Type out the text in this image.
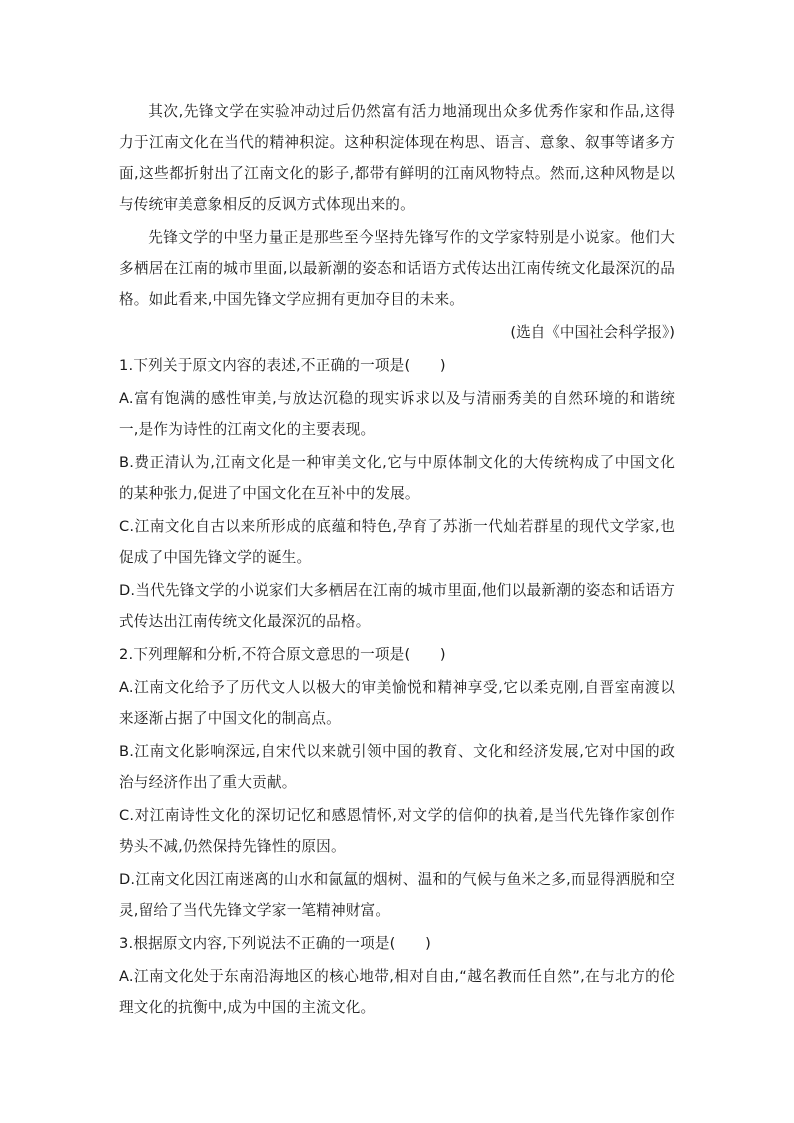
其次,先锋文学在实验冲动过后仍然富有活力地涌现出众多优秀作家和作品,这得力于江南文化在当代的精神积淀。这种积淀体现在构思、语言、意象、叙事等诸多方面,这些都折射出了江南文化的影子,都带有鲜明的江南风物特点。然而,这种风物是以与传统审美意象相反的反讽方式体现出来的。

先锋文学的中坚力量正是那些至今坚持先锋写作的文学家特别是小说家。他们大多栖居在江南的城市里面,以最新潮的姿态和话语方式传达出江南传统文化最深沉的品格。如此看来,中国先锋文学应拥有更加夺目的未来。

(选自《中国社会科学报》)

1.下列关于原文内容的表述,不正确的一项是(　　)

A.富有饱满的感性审美,与放达沉稳的现实诉求以及与清丽秀美的自然环境的和谐统一,是作为诗性的江南文化的主要表现。

B.费正清认为,江南文化是一种审美文化,它与中原体制文化的大传统构成了中国文化的某种张力,促进了中国文化在互补中的发展。

C.江南文化自古以来所形成的底蕴和特色,孕育了苏浙一代灿若群星的现代文学家,也促成了中国先锋文学的诞生。

D.当代先锋文学的小说家们大多栖居在江南的城市里面,他们以最新潮的姿态和话语方式传达出江南传统文化最深沉的品格。

2.下列理解和分析,不符合原文意思的一项是(　　)

A.江南文化给予了历代文人以极大的审美愉悦和精神享受,它以柔克刚,自晋室南渡以来逐渐占据了中国文化的制高点。

B.江南文化影响深远,自宋代以来就引领中国的教育、文化和经济发展,它对中国的政治与经济作出了重大贡献。

C.对江南诗性文化的深切记忆和感恩情怀,对文学的信仰的执着,是当代先锋作家创作势头不减,仍然保持先锋性的原因。

D.江南文化因江南迷离的山水和氤氲的烟树、温和的气候与鱼米之多,而显得洒脱和空灵,留给了当代先锋文学家一笔精神财富。

3.根据原文内容,下列说法不正确的一项是(　　)

A.江南文化处于东南沿海地区的核心地带,相对自由,“越名教而任自然”,在与北方的伦理文化的抗衡中,成为中国的主流文化。
